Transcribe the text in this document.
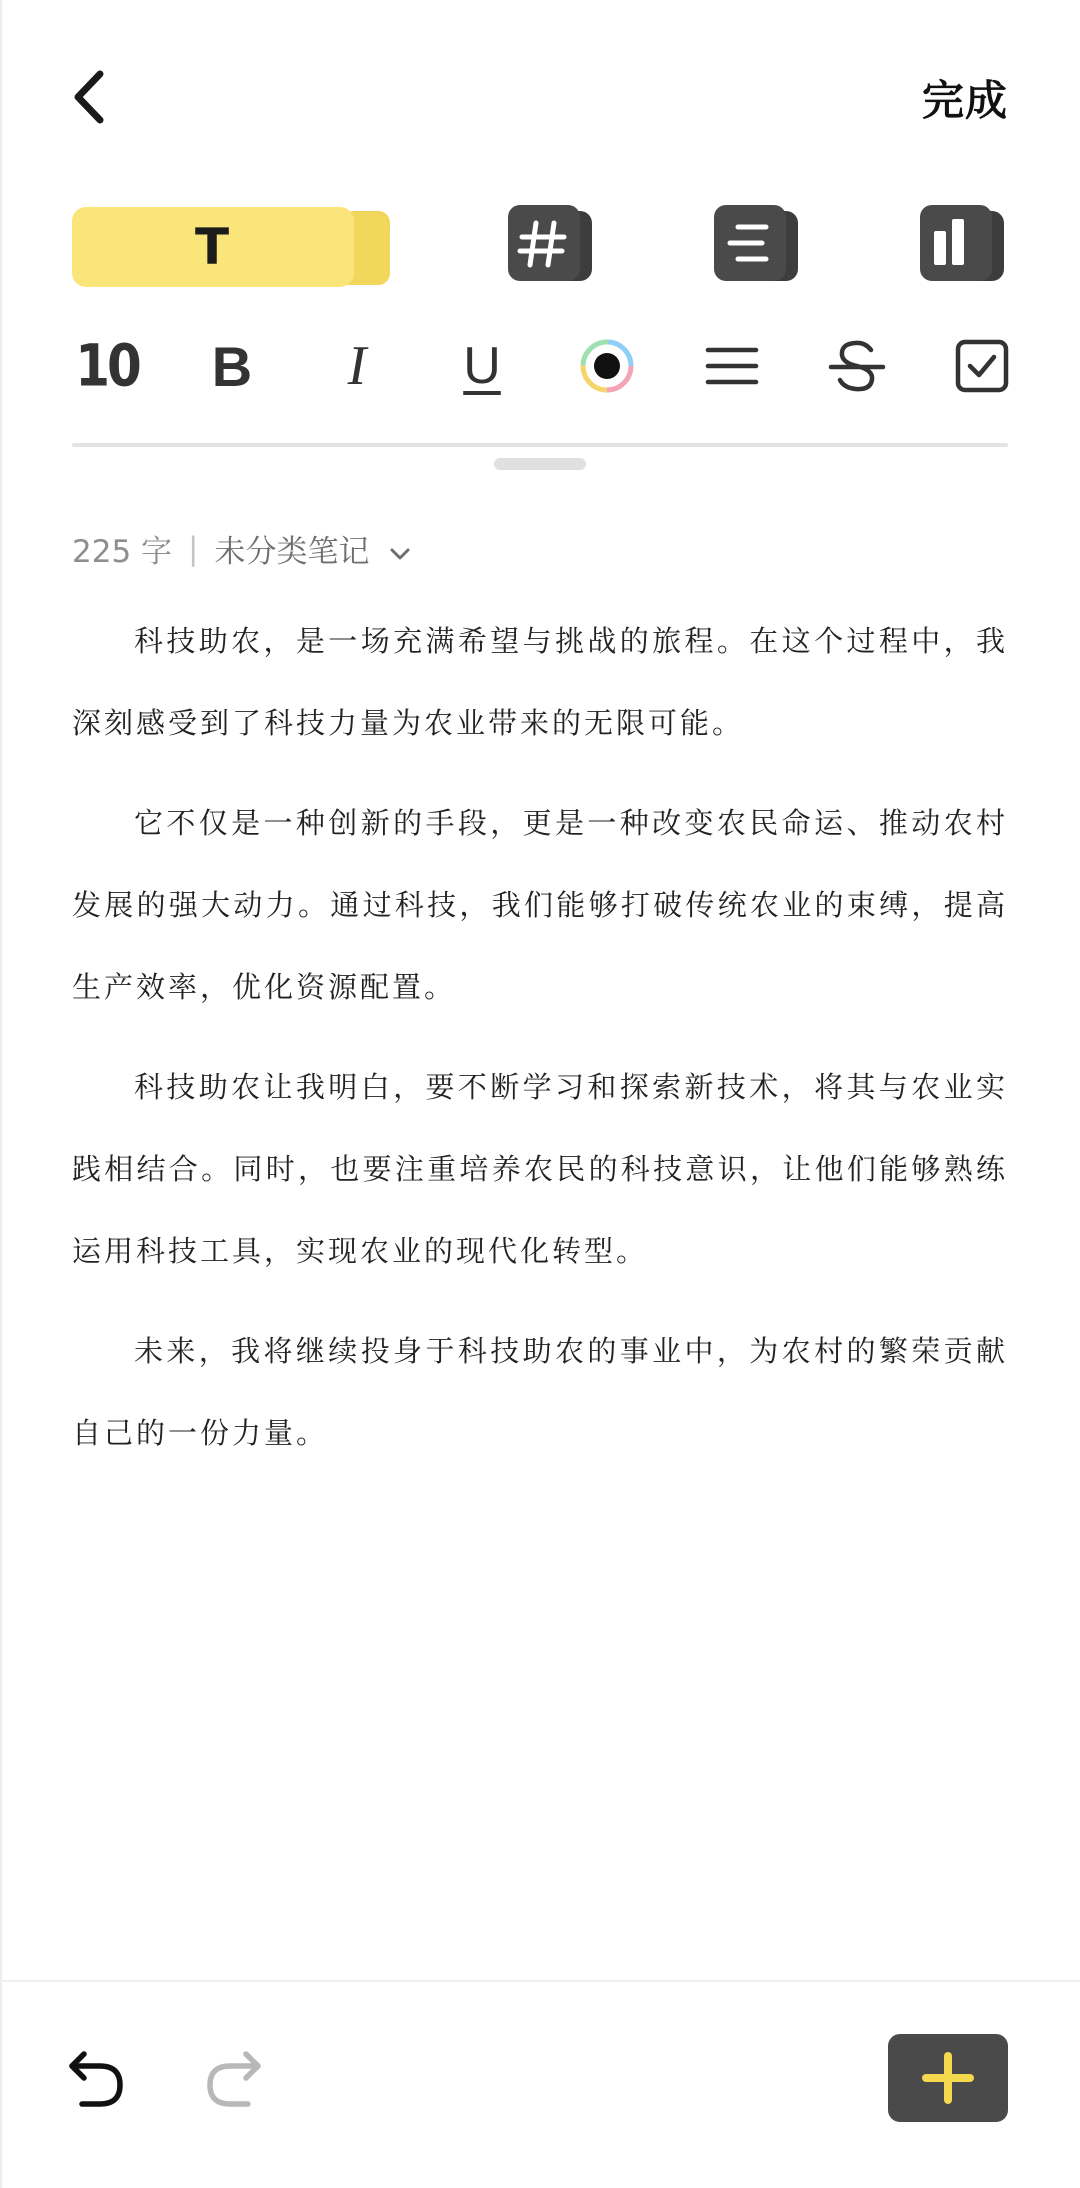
完成
T
10 B I U
225 字 | 未分类笔记

科技助农，是一场充满希望与挑战的旅程。在这个过程中，我深刻感受到了科技力量为农业带来的无限可能。

它不仅是一种创新的手段，更是一种改变农民命运、推动农村发展的强大动力。通过科技，我们能够打破传统农业的束缚，提高生产效率，优化资源配置。

科技助农让我明白，要不断学习和探索新技术，将其与农业实践相结合。同时，也要注重培养农民的科技意识，让他们能够熟练运用科技工具，实现农业的现代化转型。

未来，我将继续投身于科技助农的事业中，为农村的繁荣贡献自己的一份力量。
